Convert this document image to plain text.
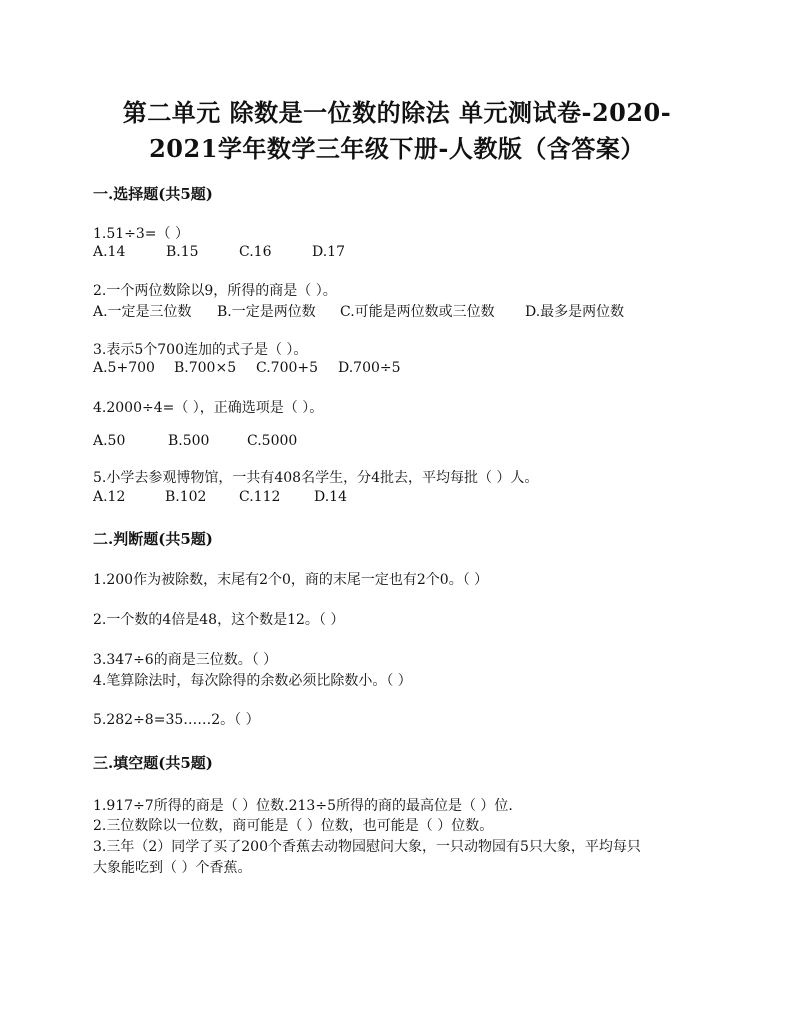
第二单元 除数是一位数的除法 单元测试卷-2020-
2021学年数学三年级下册-人教版（含答案）
一.选择题(共5题)
1.51÷3=（ ）
A.14	B.15	C.16	D.17
2.一个两位数除以9，所得的商是（ ）。
A.一定是三位数	B.一定是两位数	C.可能是两位数或三位数	D.最多是两位数
3.表示5个700连加的式子是（ ）。
A.5+700	B.700×5	C.700+5	D.700÷5
4.2000÷4=（ ），正确选项是（ ）。
A.50	B.500	C.5000
5.小学去参观博物馆，一共有408名学生，分4批去，平均每批（ ）人。
A.12	B.102	C.112	D.14
二.判断题(共5题)
1.200作为被除数，末尾有2个0，商的末尾一定也有2个0。（ ）
2.一个数的4倍是48，这个数是12。（ ）
3.347÷6的商是三位数。（ ）
4.笔算除法时，每次除得的余数必须比除数小。（ ）
5.282÷8=35……2。（ ）
三.填空题(共5题)
1.917÷7所得的商是（ ）位数.213÷5所得的商的最高位是（ ）位.
2.三位数除以一位数，商可能是（ ）位数，也可能是（ ）位数。
3.三年（2）同学了买了200个香蕉去动物园慰问大象，一只动物园有5只大象，平均每只
大象能吃到（ ）个香蕉。
